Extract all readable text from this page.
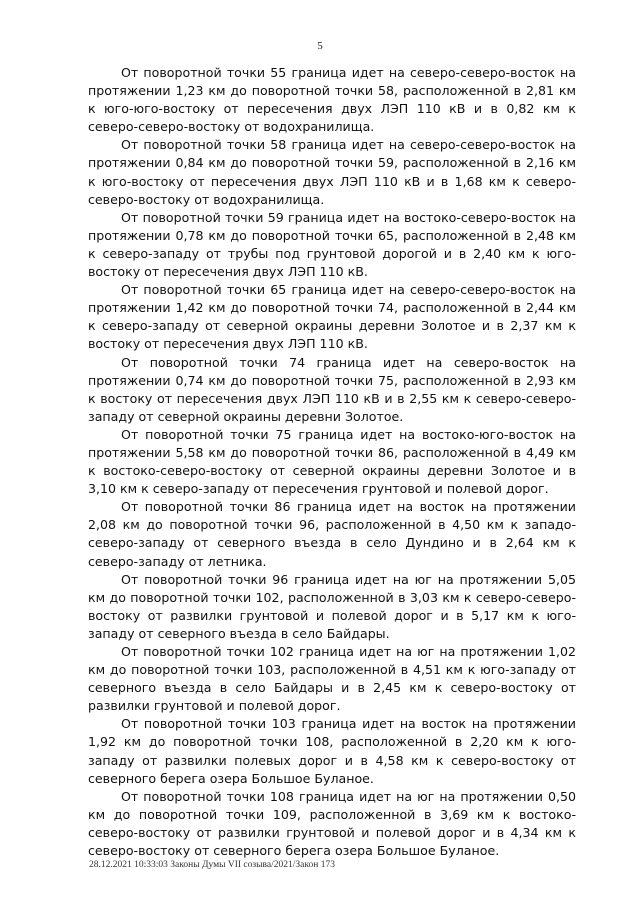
5

От поворотной точки 55 граница идет на северо-северо-восток на протяжении 1,23 км до поворотной точки 58, расположенной в 2,81 км к юго-юго-востоку от пересечения двух ЛЭП 110 кВ и в 0,82 км к северо-северо-востоку от водохранилища.

От поворотной точки 58 граница идет на северо-северо-восток на протяжении 0,84 км до поворотной точки 59, расположенной в 2,16 км к юго-востоку от пересечения двух ЛЭП 110 кВ и в 1,68 км к северо-северо-востоку от водохранилища.

От поворотной точки 59 граница идет на востоко-северо-восток на протяжении 0,78 км до поворотной точки 65, расположенной в 2,48 км к северо-западу от трубы под грунтовой дорогой и в 2,40 км к юго-востоку от пересечения двух ЛЭП 110 кВ.

От поворотной точки 65 граница идет на северо-северо-восток на протяжении 1,42 км до поворотной точки 74, расположенной в 2,44 км к северо-западу от северной окраины деревни Золотое и в 2,37 км к востоку от пересечения двух ЛЭП 110 кВ.

От поворотной точки 74 граница идет на северо-восток на протяжении 0,74 км до поворотной точки 75, расположенной в 2,93 км к востоку от пересечения двух ЛЭП 110 кВ и в 2,55 км к северо-северо-западу от северной окраины деревни Золотое.

От поворотной точки 75 граница идет на востоко-юго-восток на протяжении 5,58 км до поворотной точки 86, расположенной в 4,49 км к востоко-северо-востоку от северной окраины деревни Золотое и в 3,10 км к северо-западу от пересечения грунтовой и полевой дорог.

От поворотной точки 86 граница идет на восток на протяжении 2,08 км до поворотной точки 96, расположенной в 4,50 км к западо-северо-западу от северного въезда в село Дундино и в 2,64 км к северо-западу от летника.

От поворотной точки 96 граница идет на юг на протяжении 5,05 км до поворотной точки 102, расположенной в 3,03 км к северо-северо-востоку от развилки грунтовой и полевой дорог и в 5,17 км к юго-западу от северного въезда в село Байдары.

От поворотной точки 102 граница идет на юг на протяжении 1,02 км до поворотной точки 103, расположенной в 4,51 км к юго-западу от северного въезда в село Байдары и в 2,45 км к северо-востоку от развилки грунтовой и полевой дорог.

От поворотной точки 103 граница идет на восток на протяжении 1,92 км до поворотной точки 108, расположенной в 2,20 км к юго-западу от развилки полевых дорог и в 4,58 км к северо-востоку от северного берега озера Большое Буланое.

От поворотной точки 108 граница идет на юг на протяжении 0,50 км до поворотной точки 109, расположенной в 3,69 км к востоко-северо-востоку от развилки грунтовой и полевой дорог и в 4,34 км к северо-востоку от северного берега озера Большое Буланое.

28.12.2021 10:33:03 Законы Думы VII созыва/2021/Закон 173
